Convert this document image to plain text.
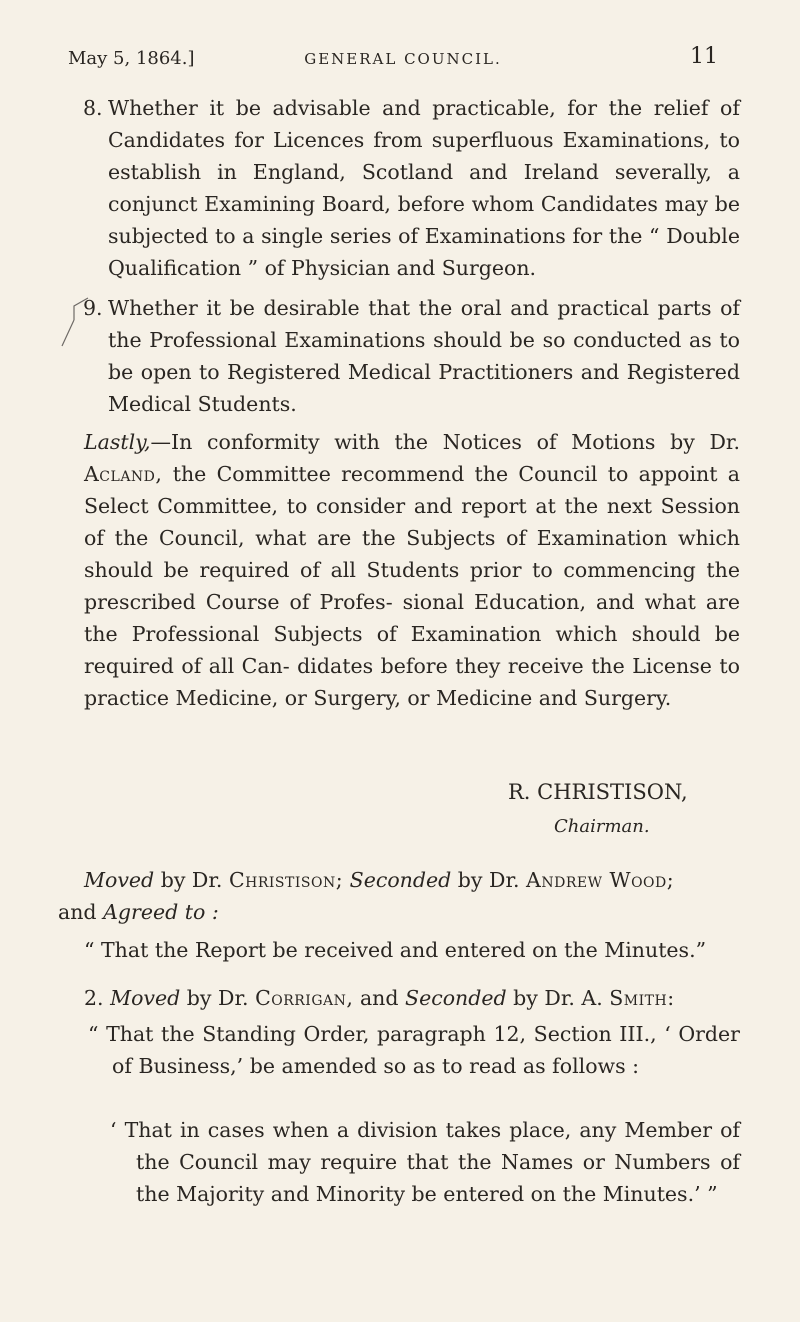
May 5, 1864.]	GENERAL COUNCIL.	11
8. Whether it be advisable and practicable, for the relief of Candidates for Licences from superfluous Examinations, to establish in England, Scotland and Ireland severally, a conjunct Examining Board, before whom Candidates may be subjected to a single series of Examinations for the “ Double Qualification ” of Physician and Surgeon.
9. Whether it be desirable that the oral and practical parts of the Professional Examinations should be so conducted as to be open to Registered Medical Practitioners and Registered Medical Students.
Lastly,—In conformity with the Notices of Motions by Dr. Acland, the Committee recommend the Council to appoint a Select Committee, to consider and report at the next Session of the Council, what are the Subjects of Examination which should be required of all Students prior to commencing the prescribed Course of Profes- sional Education, and what are the Professional Subjects of Examination which should be required of all Can- didates before they receive the License to practice Medicine, or Surgery, or Medicine and Surgery.
R. CHRISTISON,
Chairman.
Moved by Dr. Christison; Seconded by Dr. Andrew Wood;
and Agreed to :
“ That the Report be received and entered on the Minutes.”
2. Moved by Dr. Corrigan, and Seconded by Dr. A. Smith:
“ That the Standing Order, paragraph 12, Section III., ‘ Order of Business,’ be amended so as to read as follows :
‘ That in cases when a division takes place, any Member of the Council may require that the Names or Numbers of the Majority and Minority be entered on the Minutes.’ ”
